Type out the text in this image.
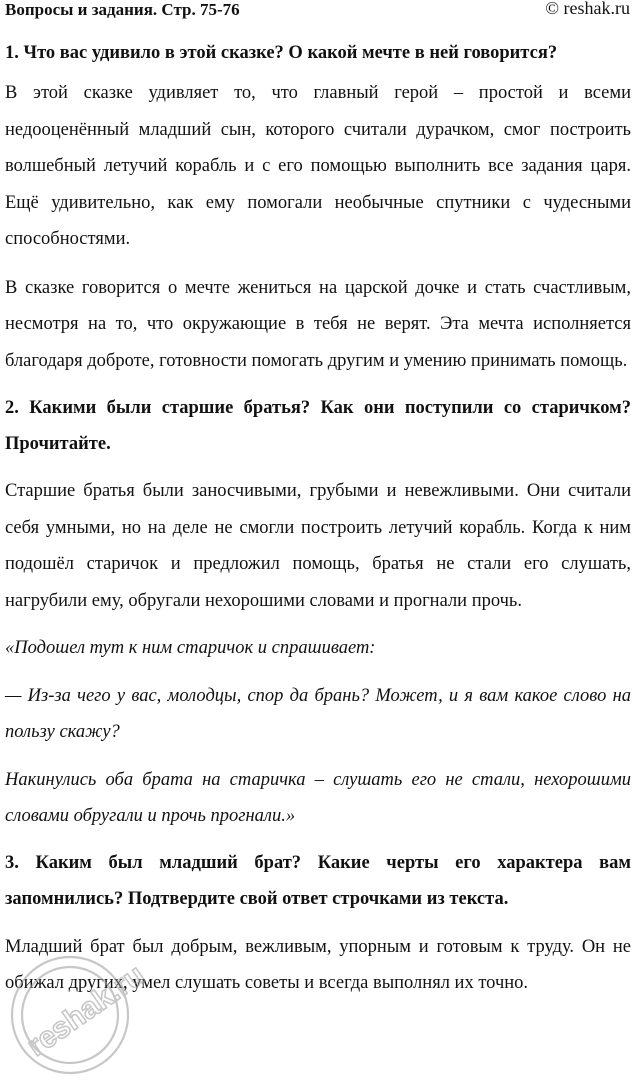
Вопросы и задания. Стр. 75-76	© reshak.ru

1. Что вас удивило в этой сказке? О какой мечте в ней говорится?

В этой сказке удивляет то, что главный герой – простой и всеми недооценённый младший сын, которого считали дурачком, смог построить волшебный летучий корабль и с его помощью выполнить все задания царя. Ещё удивительно, как ему помогали необычные спутники с чудесными способностями.

В сказке говорится о мечте жениться на царской дочке и стать счастливым, несмотря на то, что окружающие в тебя не верят. Эта мечта исполняется благодаря доброте, готовности помогать другим и умению принимать помощь.

2. Какими были старшие братья? Как они поступили со старичком? Прочитайте.

Старшие братья были заносчивыми, грубыми и невежливыми. Они считали себя умными, но на деле не смогли построить летучий корабль. Когда к ним подошёл старичок и предложил помощь, братья не стали его слушать, нагрубили ему, обругали нехорошими словами и прогнали прочь.

«Подошел тут к ним старичок и спрашивает:

— Из-за чего у вас, молодцы, спор да брань? Может, и я вам какое слово на пользу скажу?

Накинулись оба брата на старичка – слушать его не стали, нехорошими словами обругали и прочь прогнали.»

3. Каким был младший брат? Какие черты его характера вам запомнились? Подтвердите свой ответ строчками из текста.

Младший брат был добрым, вежливым, упорным и готовым к труду. Он не обижал других, умел слушать советы и всегда выполнял их точно.

reshak.ru
